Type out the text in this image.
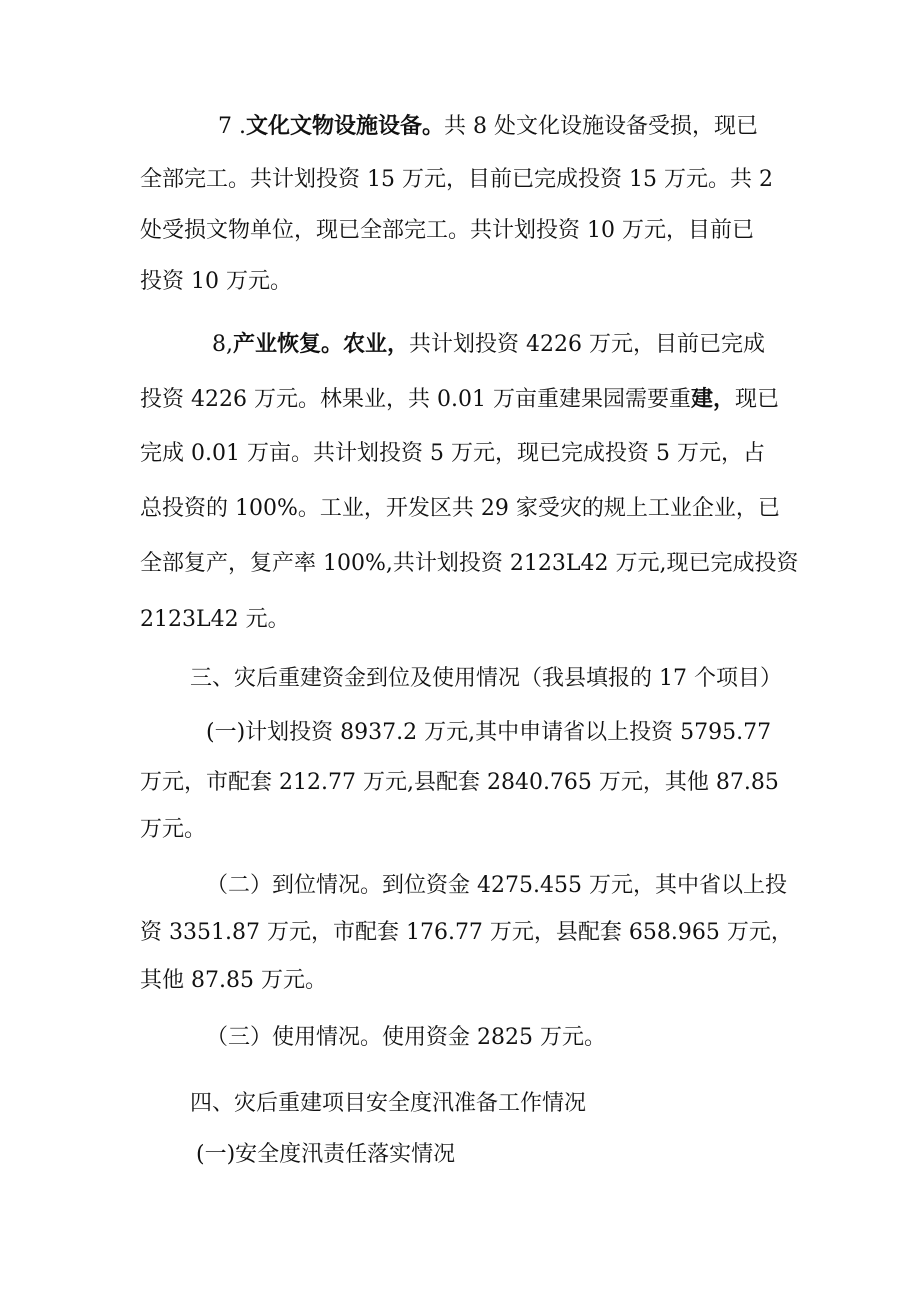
7 .文化文物设施设备。共 8 处文化设施设备受损，现已

全部完工。共计划投资 15 万元，目前已完成投资 15 万元。共 2

处受损文物单位，现已全部完工。共计划投资 10 万元，目前已

投资 10 万元。

8,产业恢复。农业，共计划投资 4226 万元，目前已完成

投资 4226 万元。林果业，共 0.01 万亩重建果园需要重建，现已

完成 0.01 万亩。共计划投资 5 万元，现已完成投资 5 万元，占

总投资的 100%。工业，开发区共 29 家受灾的规上工业企业，已

全部复产，复产率 100%,共计划投资 2123L42 万元,现已完成投资

2123L42 元。

三、灾后重建资金到位及使用情况（我县填报的 17 个项目）

(一)计划投资 8937.2 万元,其中申请省以上投资 5795.77

万元，市配套 212.77 万元,县配套 2840.765 万元，其他 87.85

万元。

（二）到位情况。到位资金 4275.455 万元，其中省以上投

资 3351.87 万元，市配套 176.77 万元，县配套 658.965 万元，

其他 87.85 万元。

（三）使用情况。使用资金 2825 万元。

四、灾后重建项目安全度汛准备工作情况

(一)安全度汛责任落实情况
